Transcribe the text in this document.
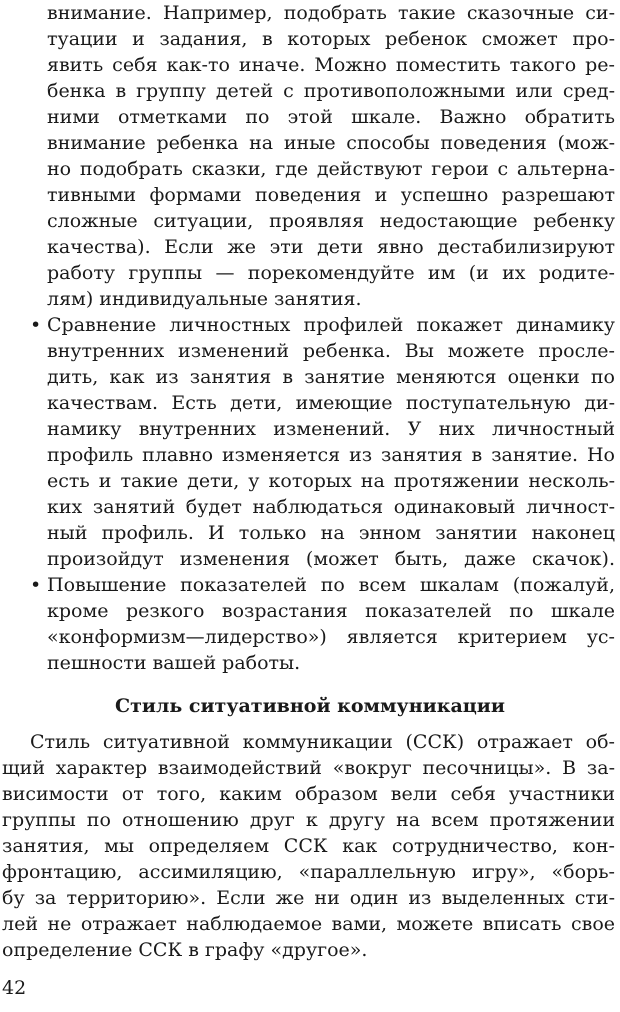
внимание. Например, подобрать такие сказочные си-
туации и задания, в которых ребенок сможет про-
явить себя как-то иначе. Можно поместить такого ре-
бенка в группу детей с противоположными или сред-
ними отметками по этой шкале. Важно обратить
внимание ребенка на иные способы поведения (мож-
но подобрать сказки, где действуют герои с альтерна-
тивными формами поведения и успешно разрешают
сложные ситуации, проявляя недостающие ребенку
качества). Если же эти дети явно дестабилизируют
работу группы — порекомендуйте им (и их родите-
лям) индивидуальные занятия.
• Сравнение личностных профилей покажет динамику
внутренних изменений ребенка. Вы можете просле-
дить, как из занятия в занятие меняются оценки по
качествам. Есть дети, имеющие поступательную ди-
намику внутренних изменений. У них личностный
профиль плавно изменяется из занятия в занятие. Но
есть и такие дети, у которых на протяжении несколь-
ких занятий будет наблюдаться одинаковый личност-
ный профиль. И только на энном занятии наконец
произойдут изменения (может быть, даже скачок).
• Повышение показателей по всем шкалам (пожалуй,
кроме резкого возрастания показателей по шкале
«конформизм—лидерство») является критерием ус-
пешности вашей работы.
Стиль ситуативной коммуникации
Стиль ситуативной коммуникации (ССК) отражает об-
щий характер взаимодействий «вокруг песочницы». В за-
висимости от того, каким образом вели себя участники
группы по отношению друг к другу на всем протяжении
занятия, мы определяем ССК как сотрудничество, кон-
фронтацию, ассимиляцию, «параллельную игру», «борь-
бу за территорию». Если же ни один из выделенных сти-
лей не отражает наблюдаемое вами, можете вписать свое
определение ССК в графу «другое».
42
